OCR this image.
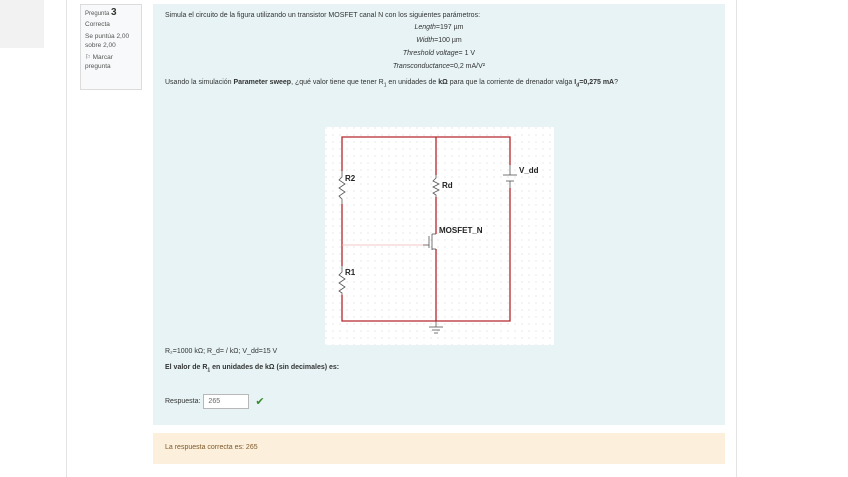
Pregunta 3
Correcta
Se puntúa 2,00 sobre 2,00
⚐ Marcar pregunta
Simula el circuito de la figura utilizando un transistor MOSFET canal N con los siguientes parámetros:
Length=197 µm
Width=100 µm
Threshold voltage= 1 V
Transconductance=0,2 mA/V²
Usando la simulación Parameter sweep, ¿qué valor tiene que tener $R_1$ en unidades de kΩ para que la corriente de drenador valga $I_d=0,275$ mA?
R2
R1
Rd
MOSFET_N
V_dd
R₂=1000 kΩ; R_d= / kΩ; V_dd=15 V
El valor de $R_1$ en unidades de kΩ (sin decimales) es:
Respuesta:
265	✔
La respuesta correcta es: 265
